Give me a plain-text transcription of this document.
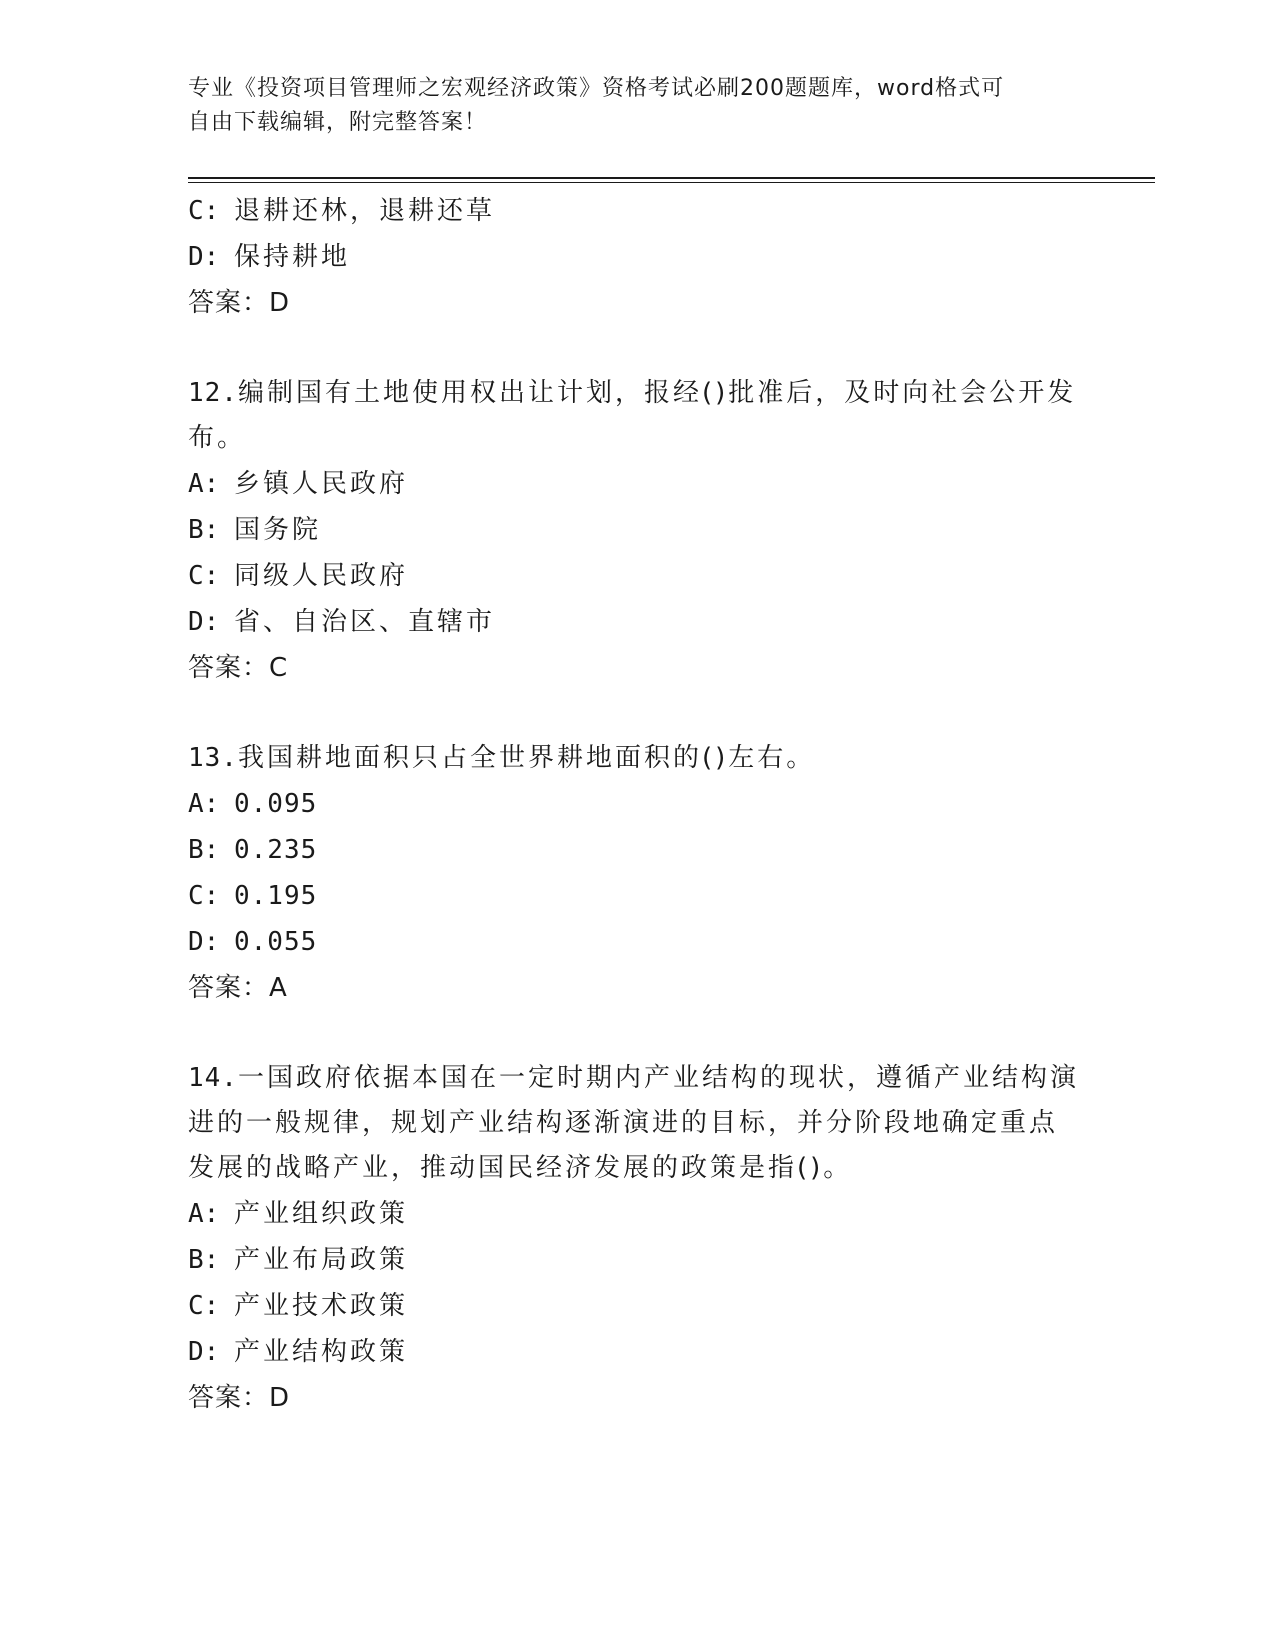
专业《投资项目管理师之宏观经济政策》资格考试必刷200题题库，word格式可
自由下载编辑，附完整答案！
C: 退耕还林，退耕还草
D: 保持耕地
答案：D
12.编制国有土地使用权出让计划，报经()批准后，及时向社会公开发
布。
A: 乡镇人民政府
B: 国务院
C: 同级人民政府
D: 省、自治区、直辖市
答案：C
13.我国耕地面积只占全世界耕地面积的()左右。
A: 0.095
B: 0.235
C: 0.195
D: 0.055
答案：A
14.一国政府依据本国在一定时期内产业结构的现状，遵循产业结构演
进的一般规律，规划产业结构逐渐演进的目标，并分阶段地确定重点
发展的战略产业，推动国民经济发展的政策是指()。
A: 产业组织政策
B: 产业布局政策
C: 产业技术政策
D: 产业结构政策
答案：D
